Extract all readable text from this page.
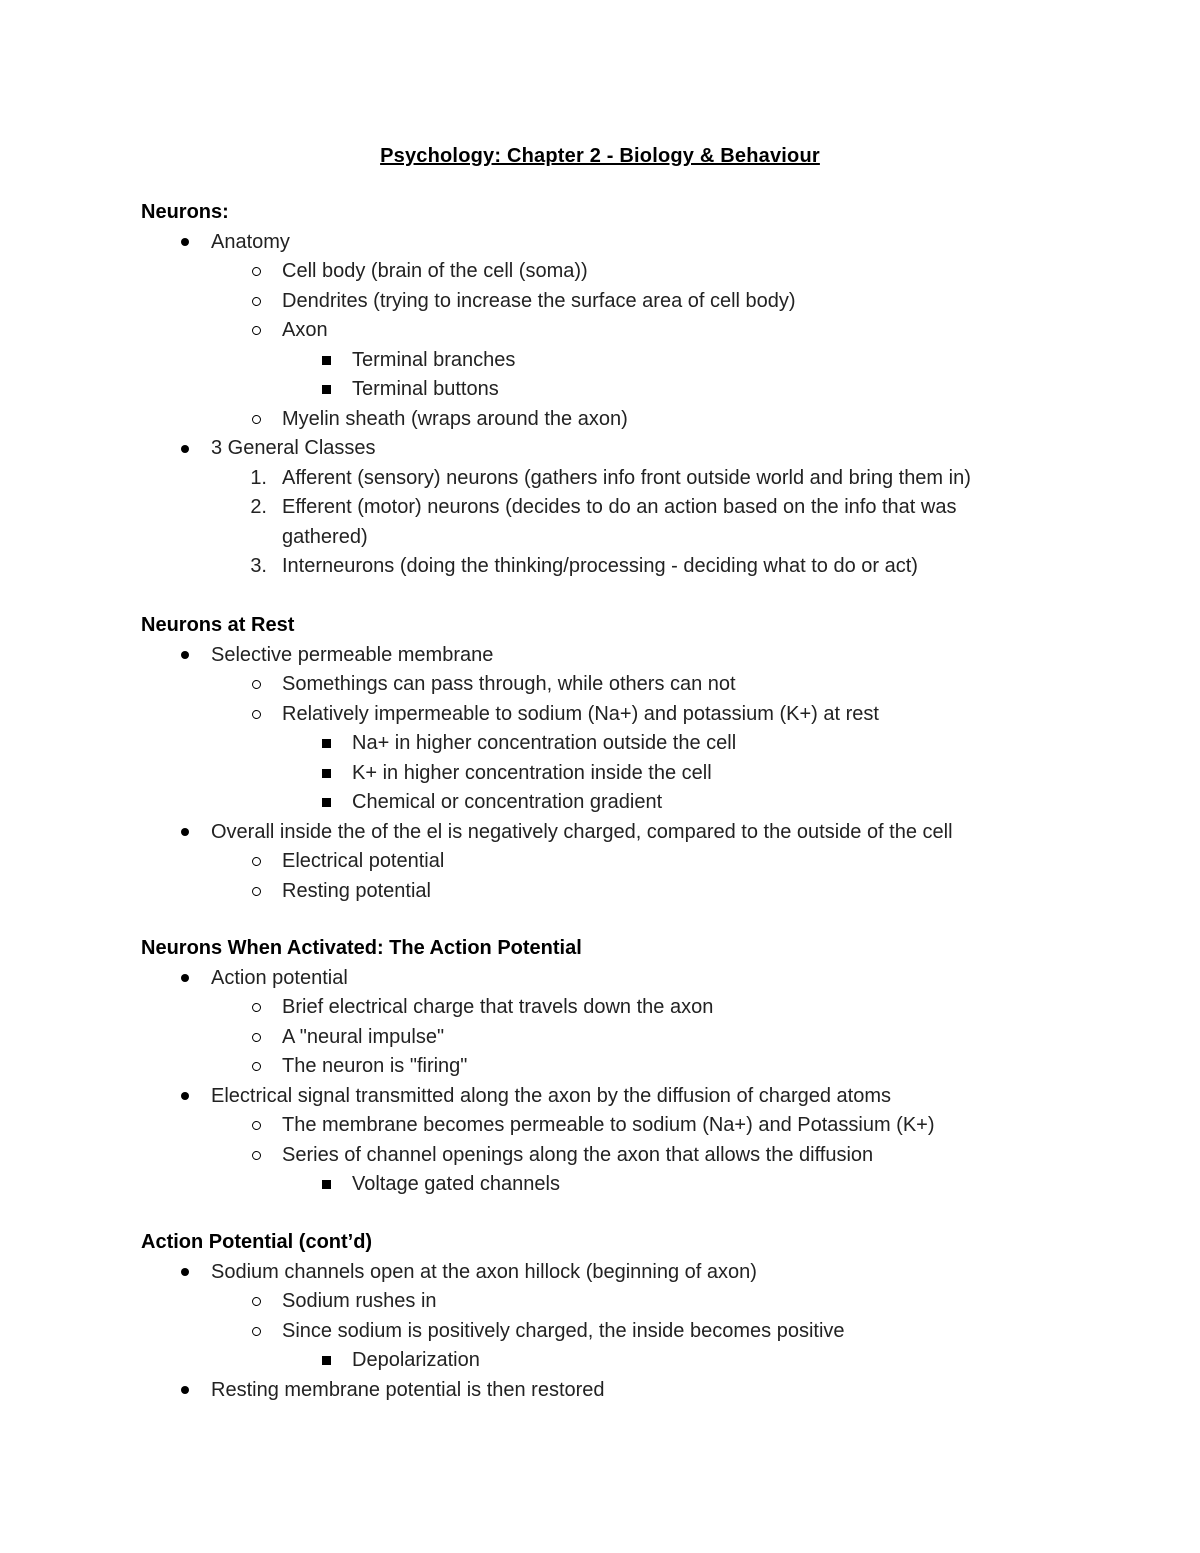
Psychology: Chapter 2 - Biology & Behaviour
Neurons:
Anatomy
Cell body (brain of the cell (soma))
Dendrites (trying to increase the surface area of cell body)
Axon
Terminal branches
Terminal buttons
Myelin sheath (wraps around the axon)
3 General Classes
1. Afferent (sensory) neurons (gathers info front outside world and bring them in)
2. Efferent (motor) neurons (decides to do an action based on the info that was
gathered)
3. Interneurons (doing the thinking/processing - deciding what to do or act)
Neurons at Rest
Selective permeable membrane
Somethings can pass through, while others can not
Relatively impermeable to sodium (Na+) and potassium (K+) at rest
Na+ in higher concentration outside the cell
K+ in higher concentration inside the cell
Chemical or concentration gradient
Overall inside the of the el is negatively charged, compared to the outside of the cell
Electrical potential
Resting potential
Neurons When Activated: The Action Potential
Action potential
Brief electrical charge that travels down the axon
A "neural impulse"
The neuron is "firing"
Electrical signal transmitted along the axon by the diffusion of charged atoms
The membrane becomes permeable to sodium (Na+) and Potassium (K+)
Series of channel openings along the axon that allows the diffusion
Voltage gated channels
Action Potential (cont’d)
Sodium channels open at the axon hillock (beginning of axon)
Sodium rushes in
Since sodium is positively charged, the inside becomes positive
Depolarization
Resting membrane potential is then restored
